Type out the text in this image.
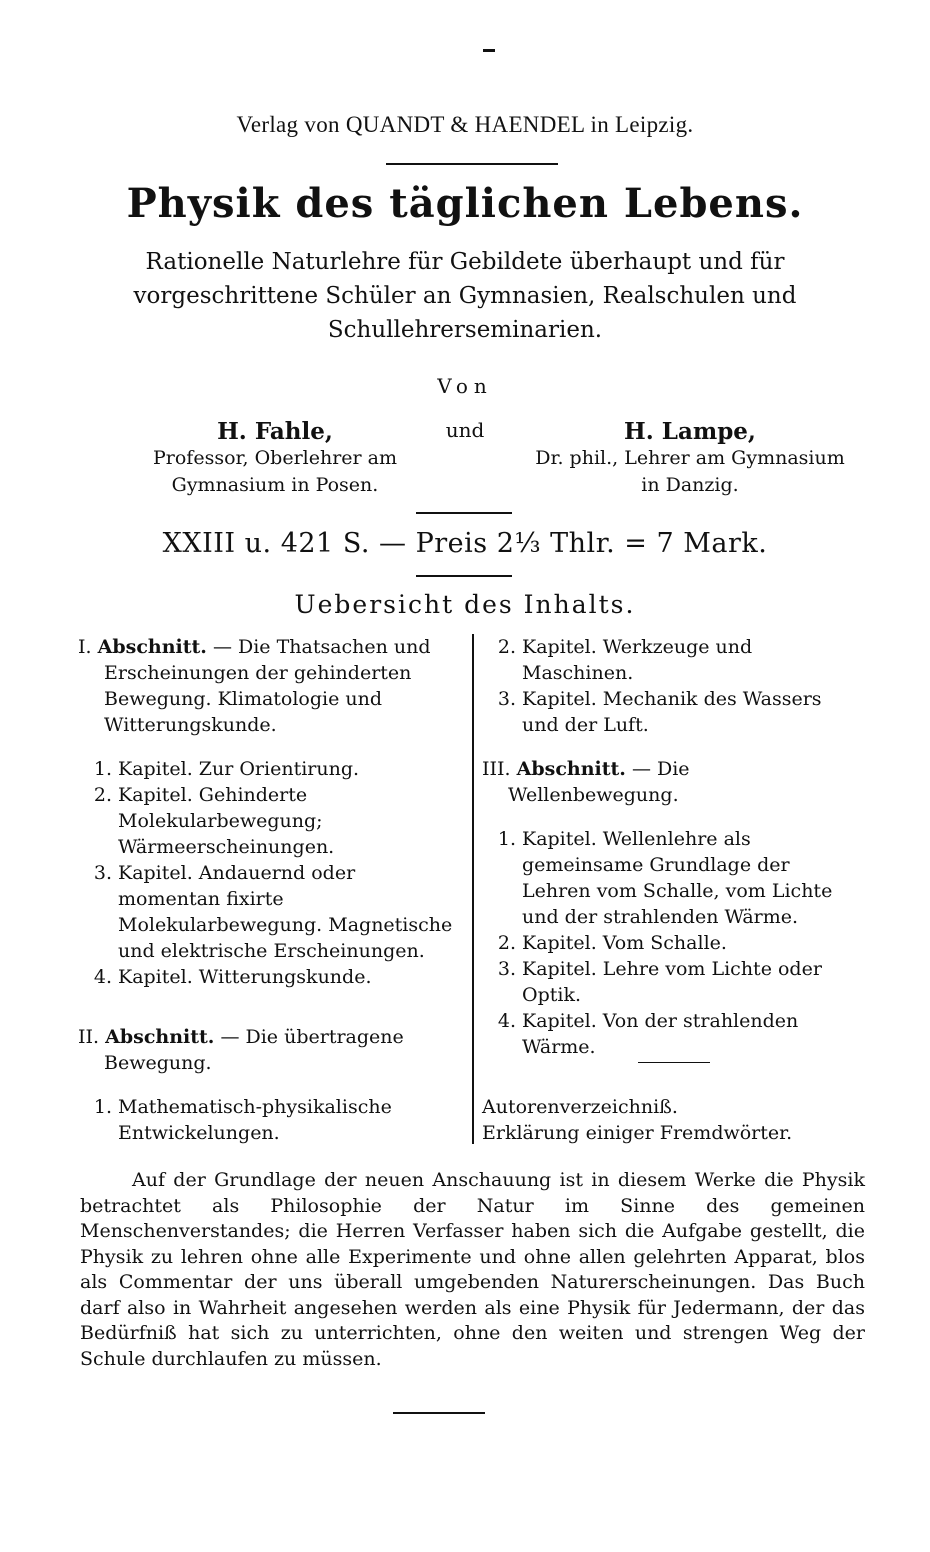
Verlag von QUANDT & HAENDEL in Leipzig.
Physik des täglichen Lebens.
Rationelle Naturlehre für Gebildete überhaupt und für vorgeschrittene Schüler an Gymnasien, Realschulen und Schullehrerseminarien.
Von
H. Fahle,
Professor, Oberlehrer am
Gymnasium in Posen.
und	H. Lampe,
Dr. phil., Lehrer am Gymnasium
in Danzig.
XXIII u. 421 S. — Preis 2⅓ Thlr. = 7 Mark.
Uebersicht des Inhalts.

I. Abschnitt. — Die Thatsachen und Erscheinungen der gehinderten Bewegung. Klimatologie und Witterungskunde.

1. Kapitel. Zur Orientirung.

2. Kapitel. Gehinderte Molekularbewegung; Wärmeerscheinungen.

3. Kapitel. Andauernd oder momentan fixirte Molekularbewegung. Magnetische und elektrische Erscheinungen.

4. Kapitel. Witterungskunde.

II. Abschnitt. — Die übertragene Bewegung.

1. Mathematisch-physikalische Entwickelungen.

2. Kapitel. Werkzeuge und Maschinen.

3. Kapitel. Mechanik des Wassers und der Luft.

III. Abschnitt. — Die Wellenbewegung.

1. Kapitel. Wellenlehre als gemeinsame Grundlage der Lehren vom Schalle, vom Lichte und der strahlenden Wärme.

2. Kapitel. Vom Schalle.

3. Kapitel. Lehre vom Lichte oder Optik.

4. Kapitel. Von der strahlenden Wärme.

Autorenverzeichniß.

Erklärung einiger Fremdwörter.

Auf der Grundlage der neuen Anschauung ist in diesem Werke die Physik betrachtet als Philosophie der Natur im Sinne des gemeinen Menschenverstandes; die Herren Verfasser haben sich die Aufgabe gestellt, die Physik zu lehren ohne alle Experimente und ohne allen gelehrten Apparat, blos als Commentar der uns überall umgebenden Naturerscheinungen. Das Buch darf also in Wahrheit angesehen werden als eine Physik für Jedermann, der das Bedürfniß hat sich zu unterrichten, ohne den weiten und strengen Weg der Schule durchlaufen zu müssen.
